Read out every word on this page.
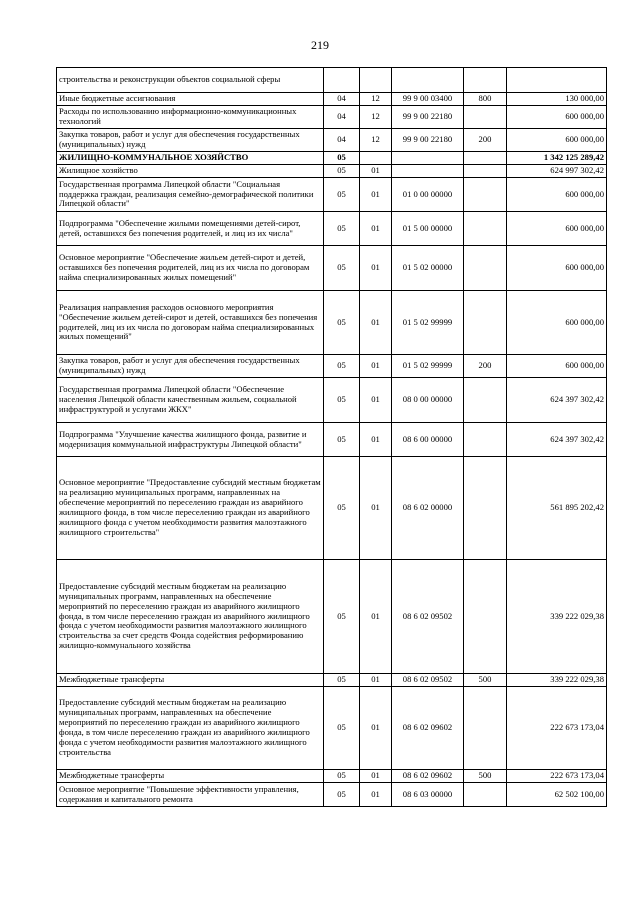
219
строительства и реконструкции объектов социальной сферы					
Иные бюджетные ассигнования	04	12	99 9 00 03400	800	130 000,00
Расходы по использованию информационно-коммуникационных технологий	04	12	99 9 00 22180		600 000,00
Закупка товаров, работ и услуг для обеспечения государственных (муниципальных) нужд	04	12	99 9 00 22180	200	600 000,00
ЖИЛИЩНО-КОММУНАЛЬНОЕ ХОЗЯЙСТВО	05				1 342 125 289,42
Жилищное хозяйство	05	01			624 997 302,42
Государственная программа Липецкой области "Социальная поддержка граждан, реализация семейно-демографической политики Липецкой области"	05	01	01 0 00 00000		600 000,00
Подпрограмма "Обеспечение жилыми помещениями детей-сирот, детей, оставшихся без попечения родителей, и лиц из их числа"	05	01	01 5 00 00000		600 000,00
Основное мероприятие "Обеспечение жильем детей-сирот и детей, оставшихся без попечения родителей, лиц из их числа по договорам найма специализированных жилых помещений"	05	01	01 5 02 00000		600 000,00
Реализация направления расходов основного мероприятия "Обеспечение жильем детей-сирот и детей, оставшихся без попечения родителей, лиц из их числа по договорам найма специализированных жилых помещений"	05	01	01 5 02 99999		600 000,00
Закупка товаров, работ и услуг для обеспечения государственных (муниципальных) нужд	05	01	01 5 02 99999	200	600 000,00
Государственная программа Липецкой области "Обеспечение населения Липецкой области качественным жильем, социальной инфраструктурой и услугами ЖКХ"	05	01	08 0 00 00000		624 397 302,42
Подпрограмма "Улучшение качества жилищного фонда, развитие и модернизация коммунальной инфраструктуры Липецкой области"	05	01	08 6 00 00000		624 397 302,42
Основное мероприятие "Предоставление субсидий местным бюджетам на реализацию муниципальных программ, направленных на обеспечение мероприятий по переселению граждан из аварийного жилищного фонда, в том числе переселению граждан из аварийного жилищного фонда с учетом необходимости развития малоэтажного жилищного строительства"	05	01	08 6 02 00000		561 895 202,42
Предоставление субсидий местным бюджетам на реализацию муниципальных программ, направленных на обеспечение мероприятий по переселению граждан из аварийного жилищного фонда, в том числе переселению граждан из аварийного жилищного фонда с учетом необходимости развития малоэтажного жилищного строительства за счет средств Фонда содействия реформированию жилищно-коммунального хозяйства	05	01	08 6 02 09502		339 222 029,38
Межбюджетные трансферты	05	01	08 6 02 09502	500	339 222 029,38
Предоставление субсидий местным бюджетам на реализацию муниципальных программ, направленных на обеспечение мероприятий по переселению граждан из аварийного жилищного фонда, в том числе переселению граждан из аварийного жилищного фонда с учетом необходимости развития малоэтажного жилищного строительства	05	01	08 6 02 09602		222 673 173,04
Межбюджетные трансферты	05	01	08 6 02 09602	500	222 673 173,04
Основное мероприятие "Повышение эффективности управления, содержания и капитального ремонта	05	01	08 6 03 00000		62 502 100,00
